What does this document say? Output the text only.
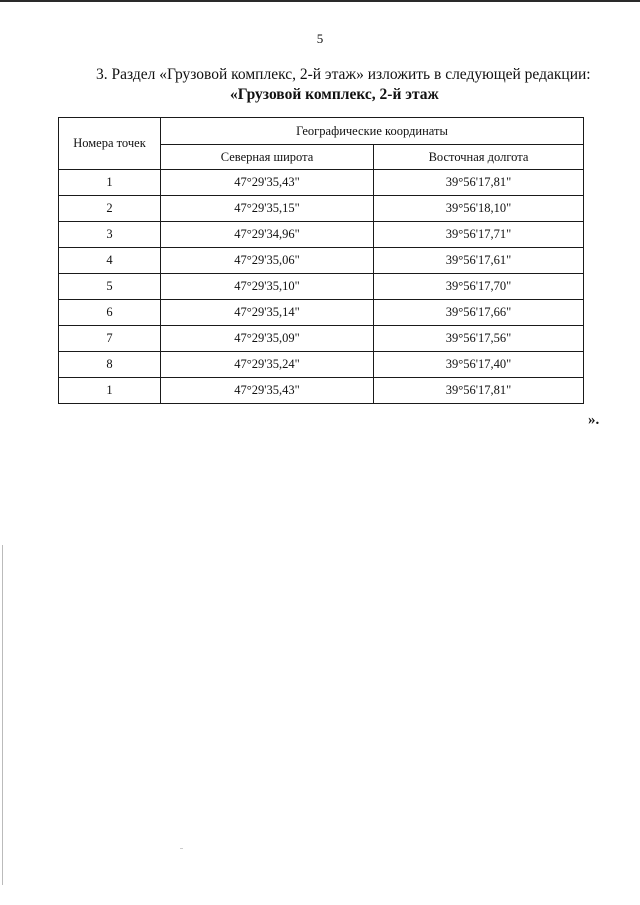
5
3. Раздел «Грузовой комплекс, 2-й этаж» изложить в следующей редакции:
«Грузовой комплекс, 2-й этаж
Номера точек	Географические координаты	
	Северная широта	Восточная долгота
1	47°29'35,43"	39°56'17,81"
2	47°29'35,15"	39°56'18,10"
3	47°29'34,96"	39°56'17,71"
4	47°29'35,06"	39°56'17,61"
5	47°29'35,10"	39°56'17,70"
6	47°29'35,14"	39°56'17,66"
7	47°29'35,09"	39°56'17,56"
8	47°29'35,24"	39°56'17,40"
1	47°29'35,43"	39°56'17,81"
».
